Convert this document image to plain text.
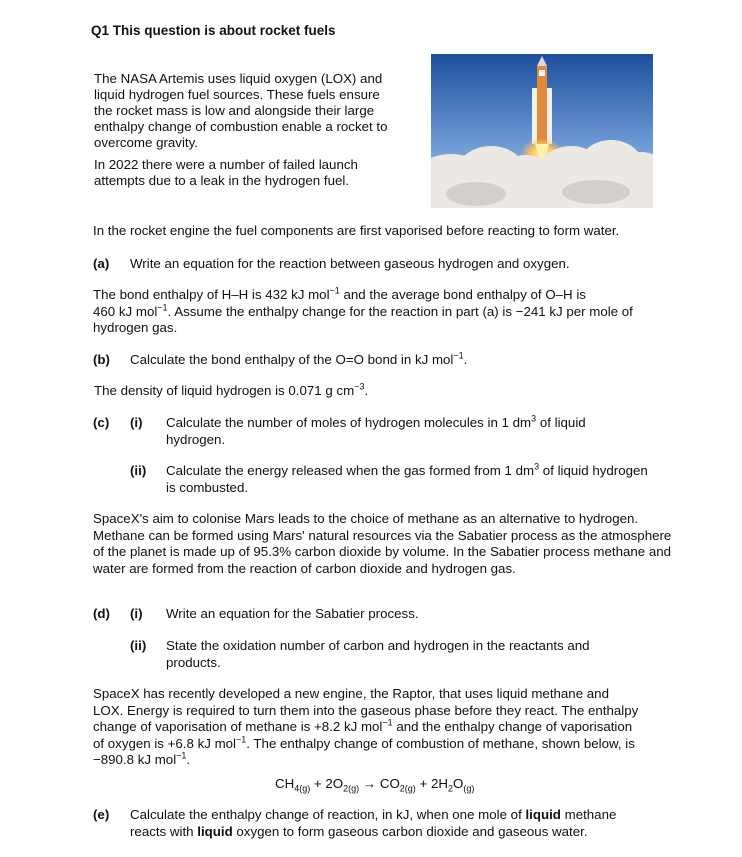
Q1 This question is about rocket fuels

The NASA Artemis uses liquid oxygen (LOX) and liquid hydrogen fuel sources. These fuels ensure the rocket mass is low and alongside their large enthalpy change of combustion enable a rocket to overcome gravity.

In 2022 there were a number of failed launch attempts due to a leak in the hydrogen fuel.

In the rocket engine the fuel components are first vaporised before reacting to form water.
(a) Write an equation for the reaction between gaseous hydrogen and oxygen.
The bond enthalpy of H–H is 432 kJ mol$^{-1}$ and the average bond enthalpy of O–H is
460 kJ mol$^{-1}$. Assume the enthalpy change for the reaction in part (a) is −241 kJ per mole of
hydrogen gas.
(b) Calculate the bond enthalpy of the O=O bond in kJ mol$^{-1}$.
The density of liquid hydrogen is 0.071 g $cm^{-3}$.
(c) (i) Calculate the number of moles of hydrogen molecules in 1 $dm^3$ of liquid
hydrogen.
(ii) Calculate the energy released when the gas formed from 1 $dm^3$ of liquid hydrogen
is combusted.
SpaceX's aim to colonise Mars leads to the choice of methane as an alternative to hydrogen. Methane can be formed using Mars' natural resources via the Sabatier process as the atmosphere of the planet is made up of 95.3% carbon dioxide by volume. In the Sabatier process methane and water are formed from the reaction of carbon dioxide and hydrogen gas.
(d) (i) Write an equation for the Sabatier process.
(ii) State the oxidation number of carbon and hydrogen in the reactants and
products.
SpaceX has recently developed a new engine, the Raptor, that uses liquid methane and
LOX. Energy is required to turn them into the gaseous phase before they react. The enthalpy
change of vaporisation of methane is +8.2 kJ mol$^{-1}$ and the enthalpy change of vaporisation
of oxygen is +6.8 kJ mol$^{-1}$. The enthalpy change of combustion of methane, shown below, is
−890.8 kJ mol$^{-1}$.
$CH_{4(g)} + 2O_{2(g)} \to CO_{2(g)} + 2H_2O_{(g)}$
(e) Calculate the enthalpy change of reaction, in kJ, when one mole of liquid methane
reacts with liquid oxygen to form gaseous carbon dioxide and gaseous water.
